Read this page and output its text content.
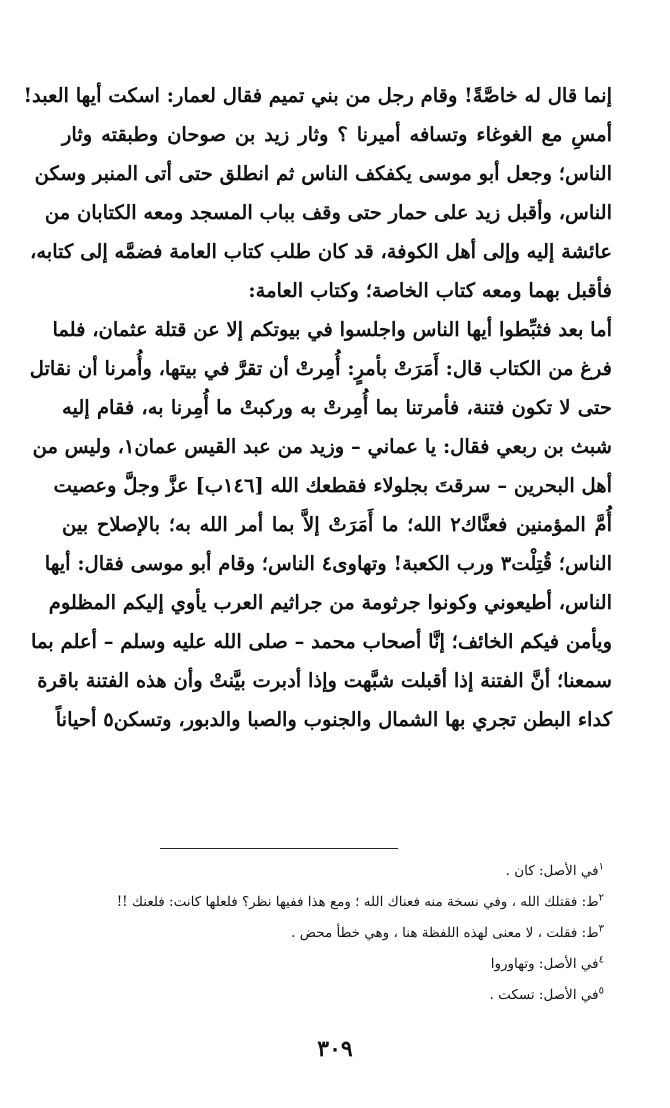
إنما قال له خاصَّةً! وقام رجل من بني تميم فقال لعمار: اسكت أيها العبد!
أمسِ مع الغوغاء وتسافه أميرنا ؟ وثار زيد بن صوحان وطبقته وثار
الناس؛ وجعل أبو موسى يكفكف الناس ثم انطلق حتى أتى المنبر وسكن
الناس، وأقبل زيد على حمار حتى وقف بباب المسجد ومعه الكتابان من
عائشة إليه وإلى أهل الكوفة، قد كان طلب كتاب العامة فضمَّه إلى كتابه،
فأقبل بهما ومعه كتاب الخاصة؛ وكتاب العامة:
أما بعد فثبِّطوا أيها الناس واجلسوا في بيوتكم إلا عن قتلة عثمان، فلما
فرغ من الكتاب قال: أَمَرَتْ بأمرٍ: أُمِرتْ أن تقرَّ في بيتها، وأُمرنا أن نقاتل
حتى لا تكون فتنة، فأمرتنا بما أُمِرتْ به وركبتْ ما أُمِرنا به، فقام إليه
شبث بن ربعي فقال: يا عماني – وزيد من عبد القيس عمان١، وليس من
أهل البحرين – سرقتَ بجلولاء فقطعك الله [١٤٦ب] عزَّ وجلَّ وعصيت
أُمَّ المؤمنين فعنَّاك٢ الله؛ ما أَمَرَتْ إلاَّ بما أمر الله به؛ بالإصلاح بين
الناس؛ قُتِلْت٣ ورب الكعبة! وتهاوى٤ الناس؛ وقام أبو موسى فقال: أيها
الناس، أطيعوني وكونوا جرثومة من جراثيم العرب يأوي إليكم المظلوم
ويأمن فيكم الخائف؛ إنَّا أصحاب محمد – صلى الله عليه وسلم – أعلم بما
سمعنا؛ أنَّ الفتنة إذا أقبلت شبَّهت وإذا أدبرت بيَّنتْ وأن هذه الفتنة باقرة
كداء البطن تجري بها الشمال والجنوب والصبا والدبور، وتسكن٥ أحياناً
$^١$في الأصل: كان .
$^٢$ط: فقتلك الله ، وفي نسخة منه فعناك الله ؛ ومع هذا ففيها نظر؟ فلعلها كانت: فلعنك !!
$^٣$ط: فقلت ، لا معنى لهذه اللفظة هنا ، وهي خطأ محض .
$^٤$في الأصل: وتهاوروا
$^٥$في الأصل: تسكت .
٣٠٩
